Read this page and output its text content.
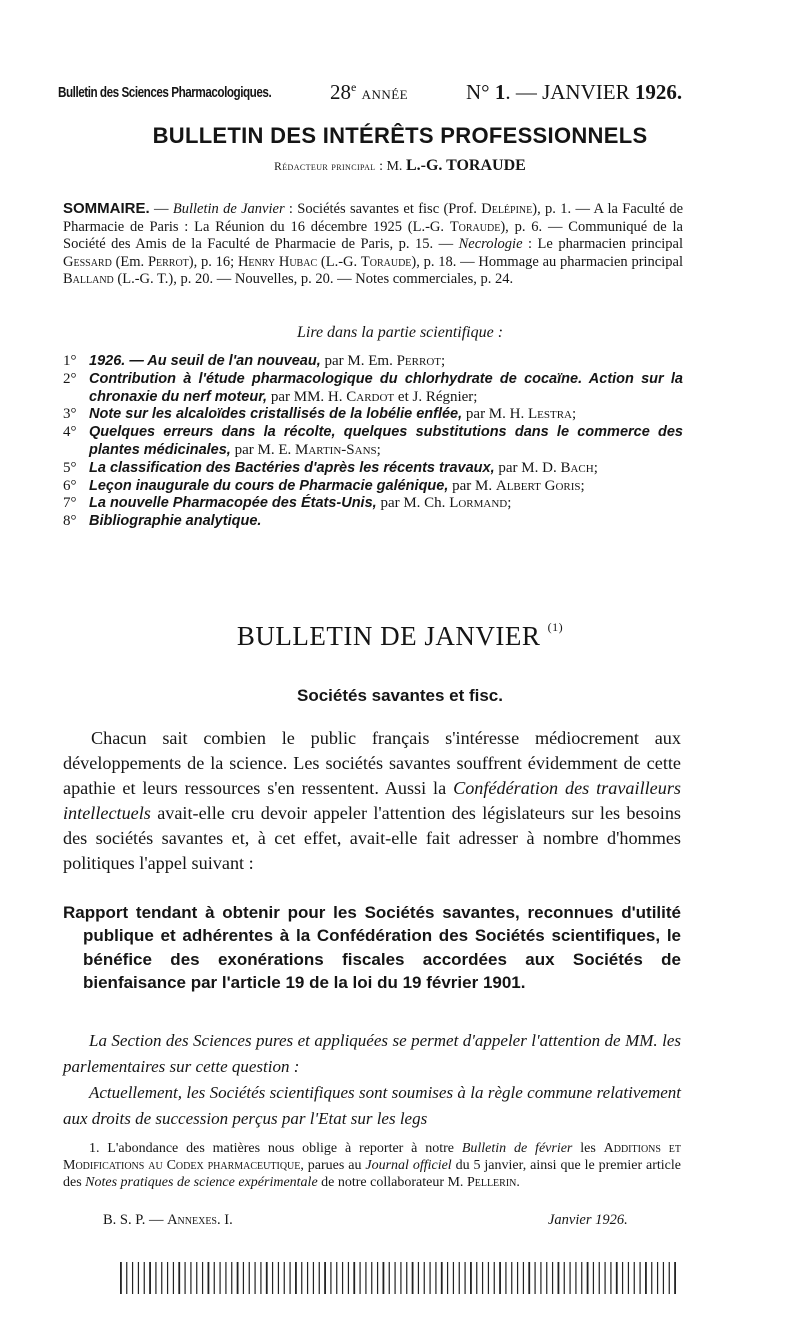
Bulletin des Sciences Pharmacologiques.	28e ANNÉE	N° 1. — JANVIER 1926.
BULLETIN DES INTÉRÊTS PROFESSIONNELS
Rédacteur principal : M. L.-G. TORAUDE
SOMMAIRE. — Bulletin de Janvier : Sociétés savantes et fisc (Prof. Delépine), p. 1. — A la Faculté de Pharmacie de Paris : La Réunion du 16 décembre 1925 (L.-G. Toraude), p. 6. — Communiqué de la Société des Amis de la Faculté de Pharmacie de Paris, p. 15. — Necrologie : Le pharmacien principal Gessard (Em. Perrot), p. 16; Henry Hubac (L.-G. Toraude), p. 18. — Hommage au pharmacien principal Balland (L.-G. T.), p. 20. — Nouvelles, p. 20. — Notes commerciales, p. 24.
Lire dans la partie scientifique :
1° 1926. — Au seuil de l'an nouveau, par M. Em. Perrot;
2° Contribution à l'étude pharmacologique du chlorhydrate de cocaïne. Action sur la chronaxie du nerf moteur, par MM. H. Cardot et J. Régnier;
3° Note sur les alcaloïdes cristallisés de la lobélie enflée, par M. H. Lestra;
4° Quelques erreurs dans la récolte, quelques substitutions dans le commerce des plantes médicinales, par M. E. Martin-Sans;
5° La classification des Bactéries d'après les récents travaux, par M. D. Bach;
6° Leçon inaugurale du cours de Pharmacie galénique, par M. Albert Goris;
7° La nouvelle Pharmacopée des États-Unis, par M. Ch. Lormand;
8° Bibliographie analytique.
BULLETIN DE JANVIER $^{(1)}$
Sociétés savantes et fisc.

Chacun sait combien le public français s'intéresse médiocrement aux développements de la science. Les sociétés savantes souffrent évidemment de cette apathie et leurs ressources s'en ressentent. Aussi la Confédération des travailleurs intellectuels avait-elle cru devoir appeler l'attention des législateurs sur les besoins des sociétés savantes et, à cet effet, avait-elle fait adresser à nombre d'hommes politiques l'appel suivant :

Rapport tendant à obtenir pour les Sociétés savantes, reconnues d'utilité publique et adhérentes à la Confédération des Sociétés scientifiques, le bénéfice des exonérations fiscales accordées aux Sociétés de bienfaisance par l'article 19 de la loi du 19 février 1901.

La Section des Sciences pures et appliquées se permet d'appeler l'attention de MM. les parlementaires sur cette question :
Actuellement, les Sociétés scientifiques sont soumises à la règle commune relativement aux droits de succession perçus par l'Etat sur les legs

1. L'abondance des matières nous oblige à reporter à notre Bulletin de février les Additions et Modifications au Codex pharmaceutique, parues au Journal officiel du 5 janvier, ainsi que le premier article des Notes pratiques de science expérimentale de notre collaborateur M. Pellerin.

B. S. P. — Annexes. I.	Janvier 1926.
